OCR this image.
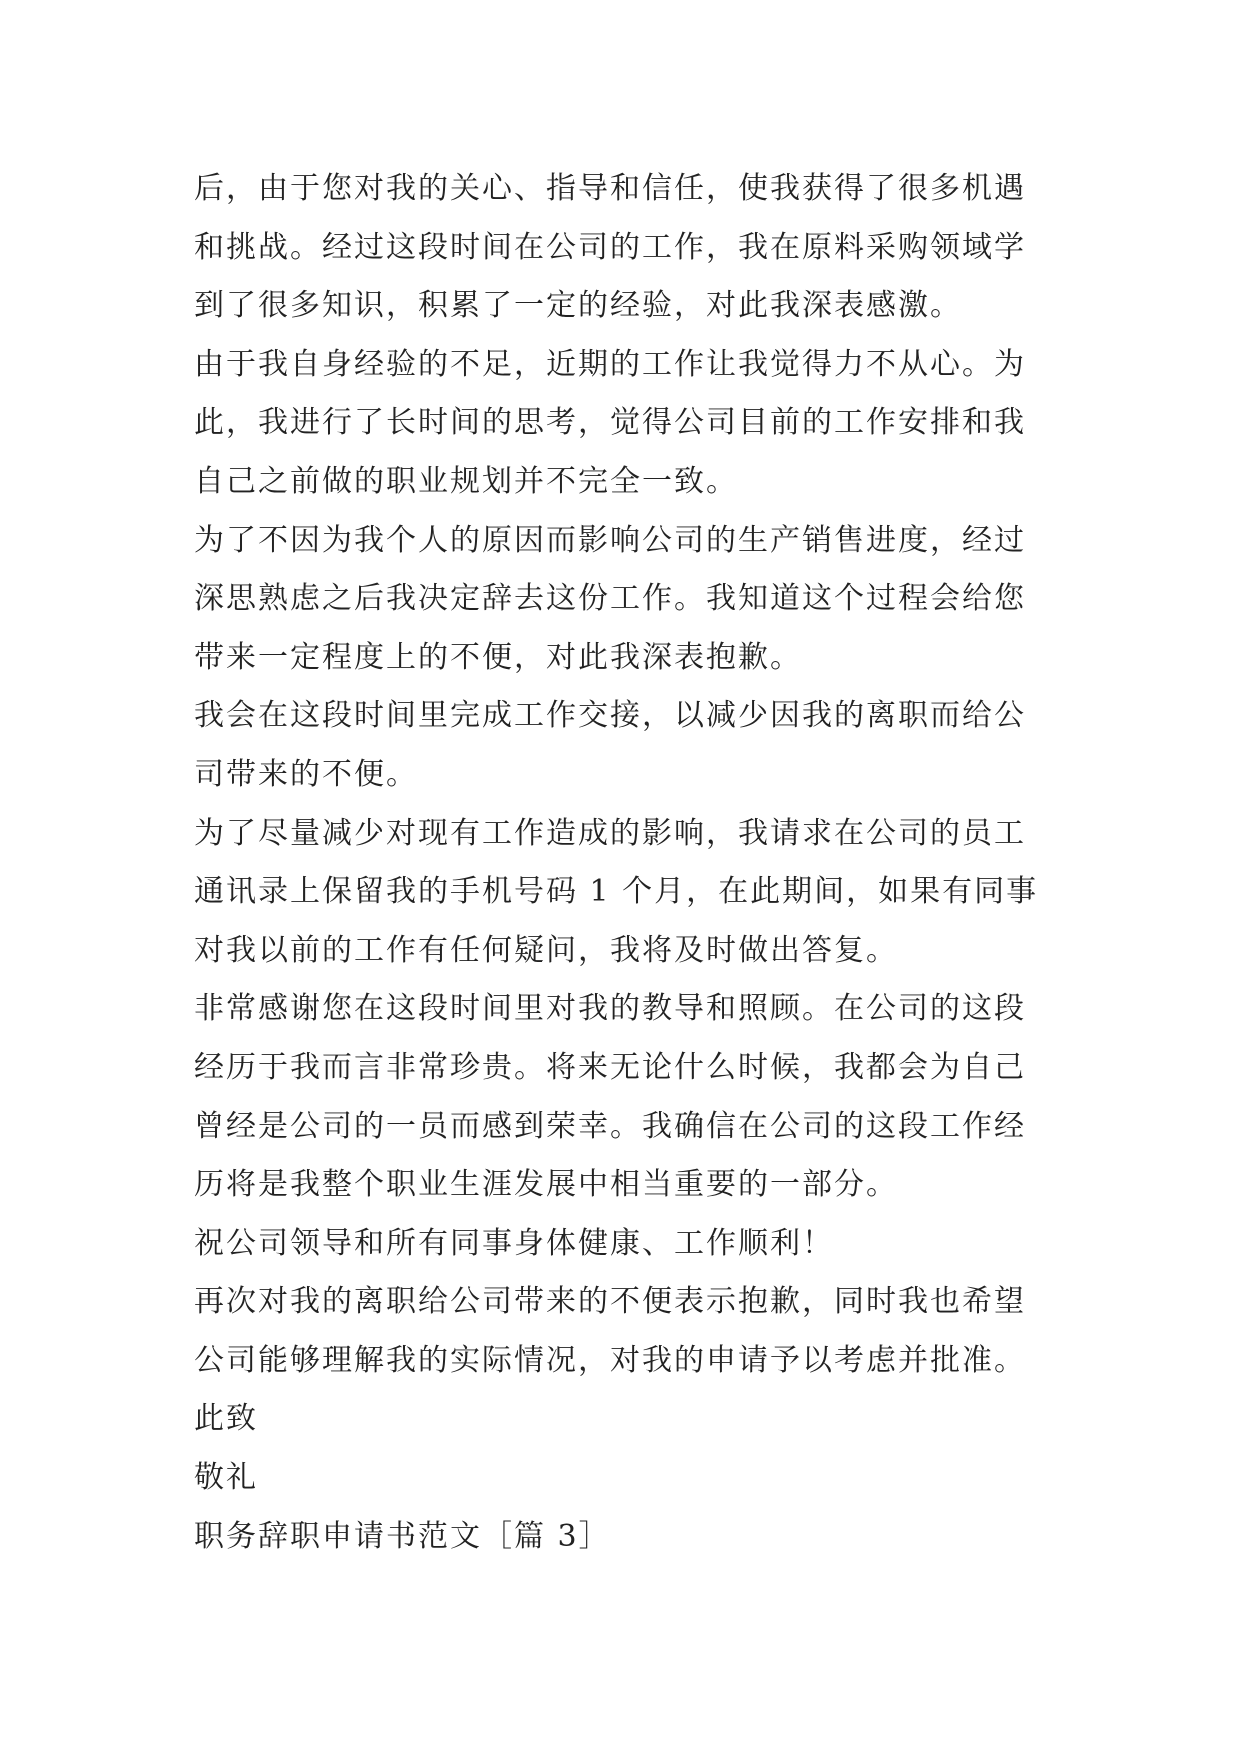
后，由于您对我的关心、指导和信任，使我获得了很多机遇
和挑战。经过这段时间在公司的工作，我在原料采购领域学
到了很多知识，积累了一定的经验，对此我深表感激。
由于我自身经验的不足，近期的工作让我觉得力不从心。为
此，我进行了长时间的思考，觉得公司目前的工作安排和我
自己之前做的职业规划并不完全一致。
为了不因为我个人的原因而影响公司的生产销售进度，经过
深思熟虑之后我决定辞去这份工作。我知道这个过程会给您
带来一定程度上的不便，对此我深表抱歉。
我会在这段时间里完成工作交接，以减少因我的离职而给公
司带来的不便。
为了尽量减少对现有工作造成的影响，我请求在公司的员工
通讯录上保留我的手机号码 1 个月，在此期间，如果有同事
对我以前的工作有任何疑问，我将及时做出答复。
非常感谢您在这段时间里对我的教导和照顾。在公司的这段
经历于我而言非常珍贵。将来无论什么时候，我都会为自己
曾经是公司的一员而感到荣幸。我确信在公司的这段工作经
历将是我整个职业生涯发展中相当重要的一部分。
祝公司领导和所有同事身体健康、工作顺利！
再次对我的离职给公司带来的不便表示抱歉，同时我也希望
公司能够理解我的实际情况，对我的申请予以考虑并批准。
此致
敬礼
职务辞职申请书范文［篇 3］
